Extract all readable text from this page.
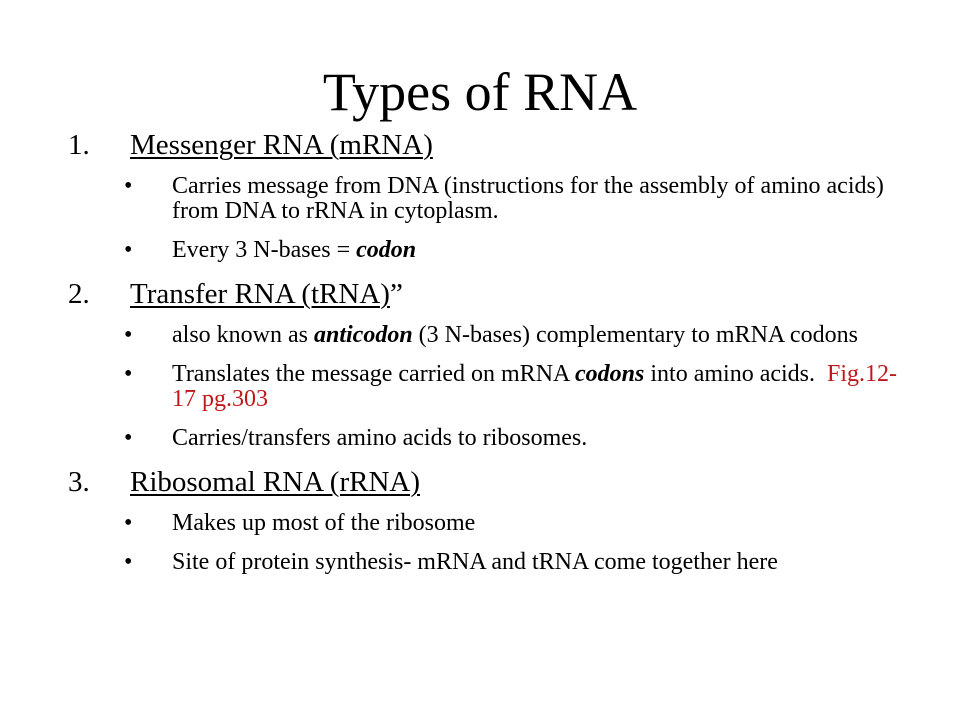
Types of RNA
1. Messenger RNA (mRNA)
• Carries message from DNA (instructions for the assembly of amino acids) from DNA to rRNA in cytoplasm.
• Every 3 N-bases = codon
2. Transfer RNA (tRNA)”
• also known as anticodon (3 N-bases) complementary to mRNA codons
• Translates the message carried on mRNA codons into amino acids.  Fig.12-17 pg.303
• Carries/transfers amino acids to ribosomes.
3. Ribosomal RNA (rRNA)
• Makes up most of the ribosome
• Site of protein synthesis- mRNA and tRNA come together here
